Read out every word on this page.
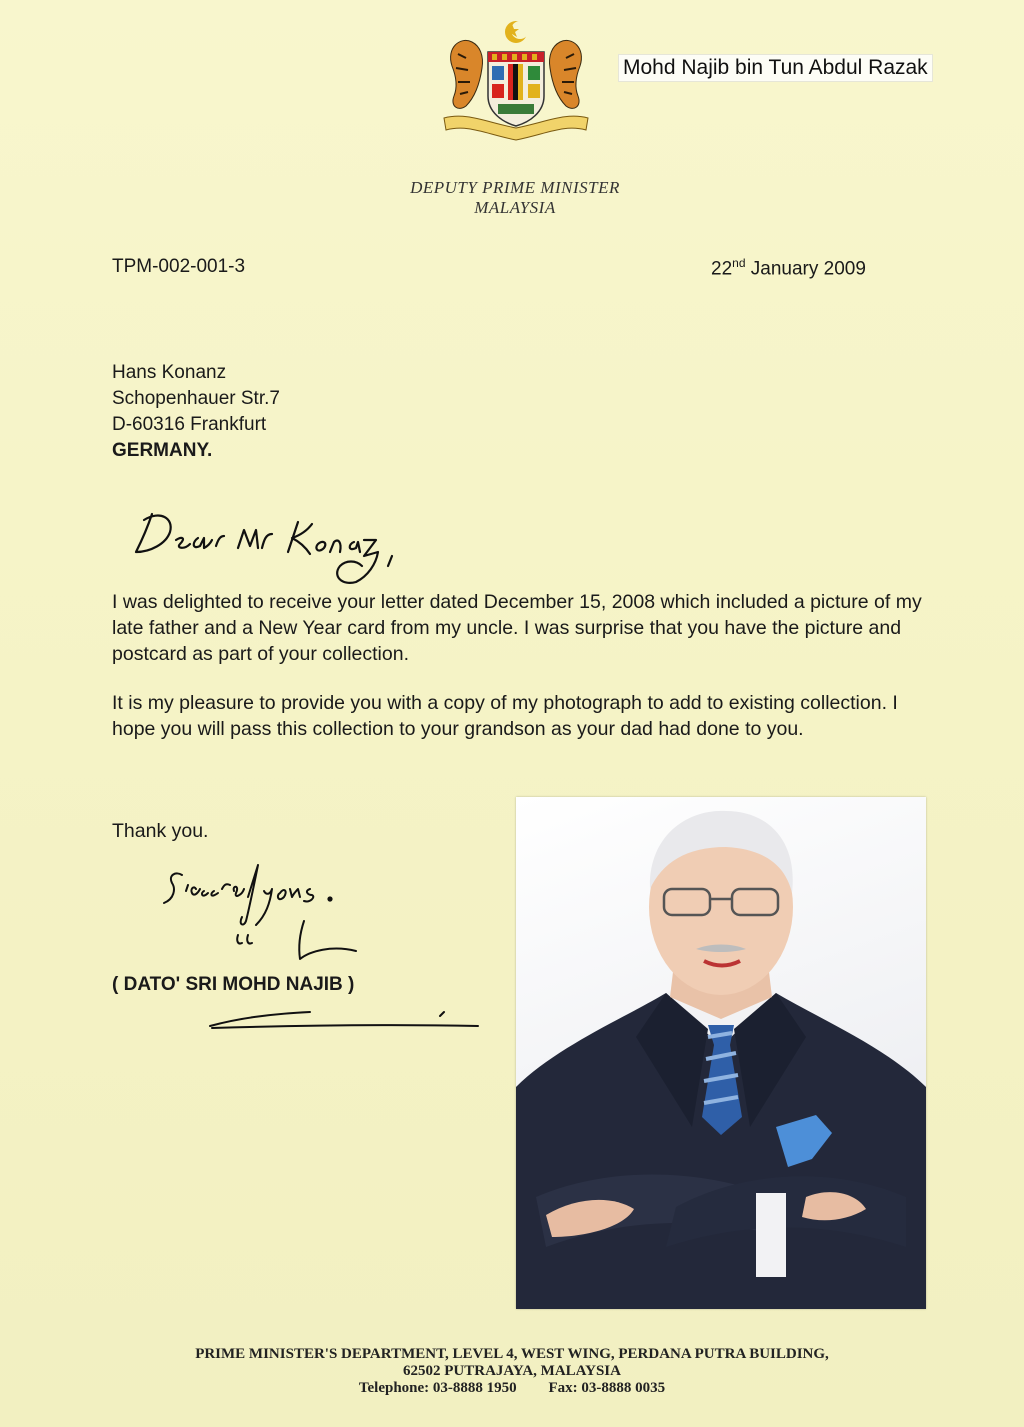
Mohd Najib bin Tun Abdul Razak
DEPUTY PRIME MINISTER
MALAYSIA
TPM-002-001-3	22nd January 2009
Hans Konanz
Schopenhauer Str.7
D-60316 Frankfurt
GERMANY.
I was delighted to receive your letter dated December 15, 2008 which included a picture of my late father and a New Year card from my uncle. I was surprise that you have the picture and postcard as part of your collection.
It is my pleasure to provide you with a copy of my photograph to add to existing collection. I hope you will pass this collection to your grandson as your dad had done to you.
Thank you.
( DATO' SRI MOHD NAJIB )
PRIME MINISTER'S DEPARTMENT, LEVEL 4, WEST WING, PERDANA PUTRA BUILDING,
62502 PUTRAJAYA, MALAYSIA
Telephone: 03-8888 1950 Fax: 03-8888 0035
